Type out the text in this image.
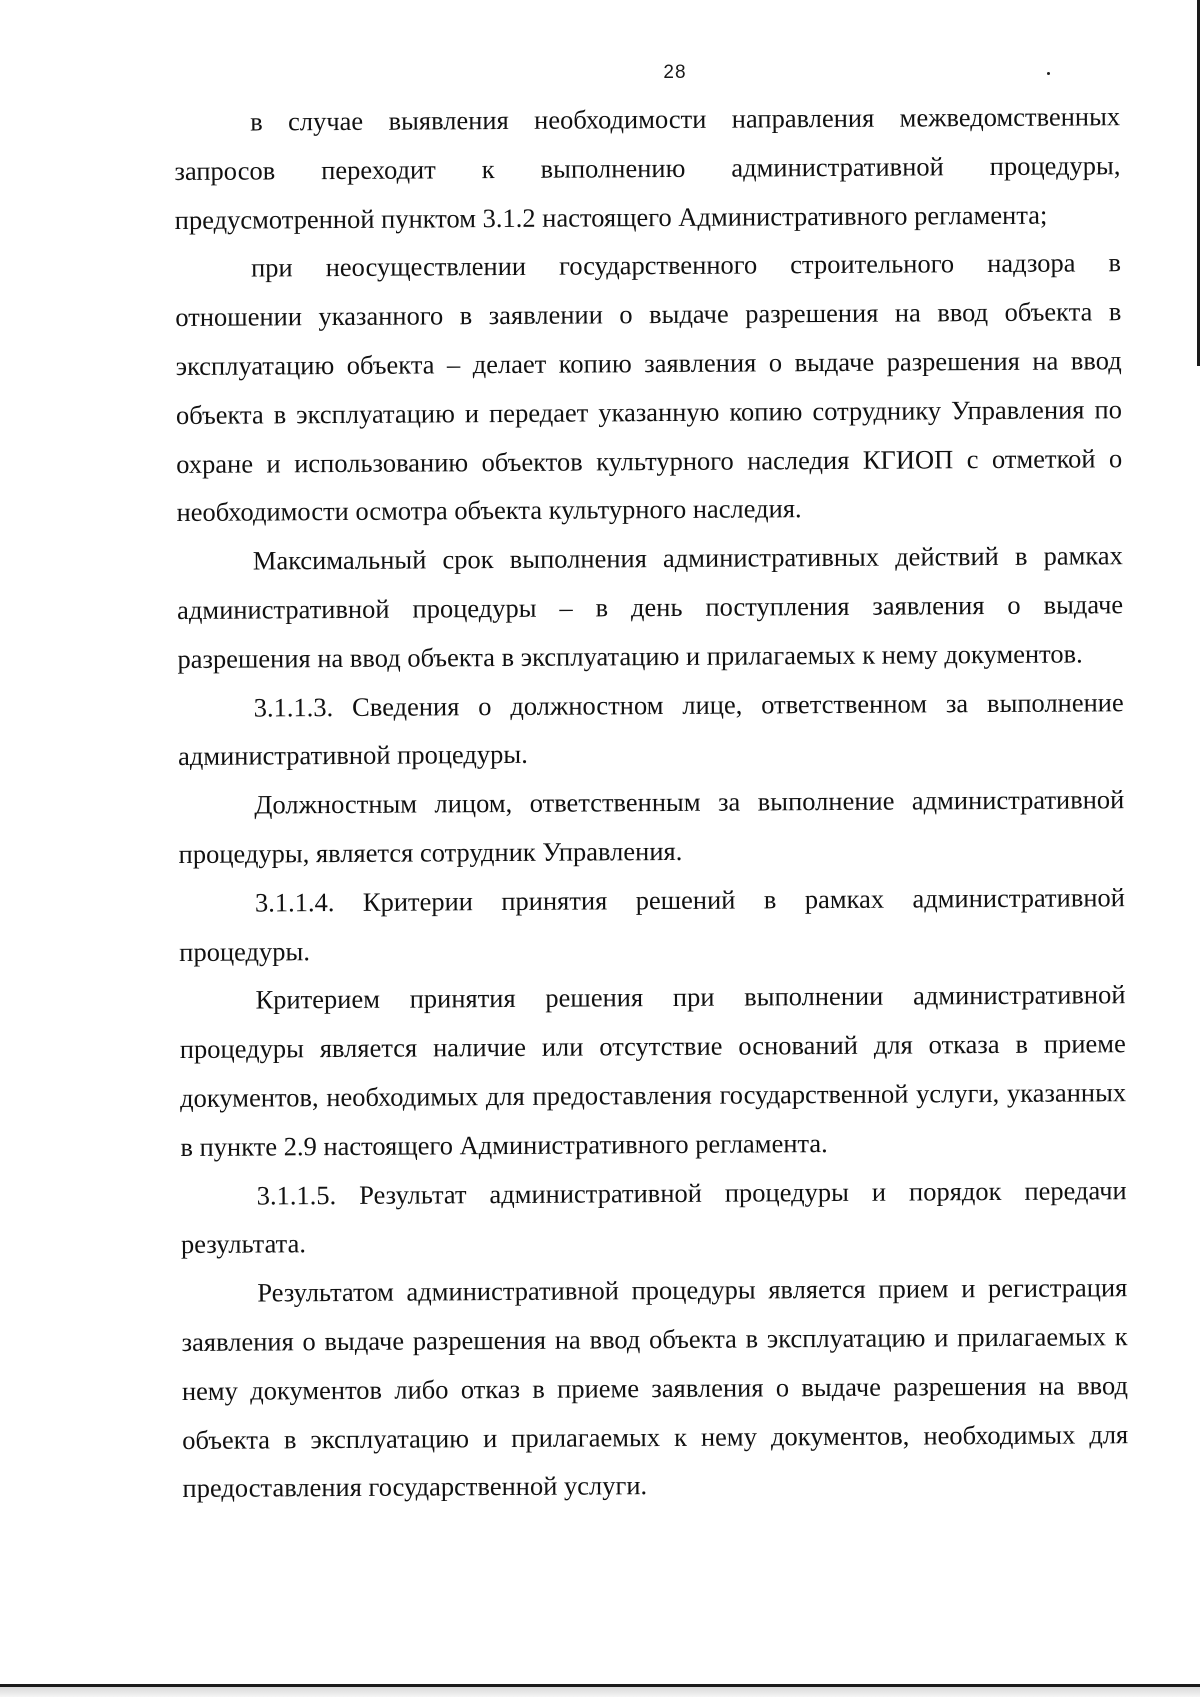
28

в случае выявления необходимости направления межведомственных запросов переходит к выполнению административной процедуры, предусмотренной пунктом 3.1.2 настоящего Административного регламента;

при неосуществлении государственного строительного надзора в отношении указанного в заявлении о выдаче разрешения на ввод объекта в эксплуатацию объекта – делает копию заявления о выдаче разрешения на ввод объекта в эксплуатацию и передает указанную копию сотруднику Управления по охране и использованию объектов культурного наследия КГИОП с отметкой о необходимости осмотра объекта культурного наследия.

Максимальный срок выполнения административных действий в рамках административной процедуры – в день поступления заявления о выдаче разрешения на ввод объекта в эксплуатацию и прилагаемых к нему документов.

3.1.1.3. Сведения о должностном лице, ответственном за выполнение административной процедуры.

Должностным лицом, ответственным за выполнение административной процедуры, является сотрудник Управления.

3.1.1.4. Критерии принятия решений в рамках административной процедуры.

Критерием принятия решения при выполнении административной процедуры является наличие или отсутствие оснований для отказа в приеме документов, необходимых для предоставления государственной услуги, указанных в пункте 2.9 настоящего Административного регламента.

3.1.1.5. Результат административной процедуры и порядок передачи результата.

Результатом административной процедуры является прием и регистрация заявления о выдаче разрешения на ввод объекта в эксплуатацию и прилагаемых к нему документов либо отказ в приеме заявления о выдаче разрешения на ввод объекта в эксплуатацию и прилагаемых к нему документов, необходимых для предоставления государственной услуги.
